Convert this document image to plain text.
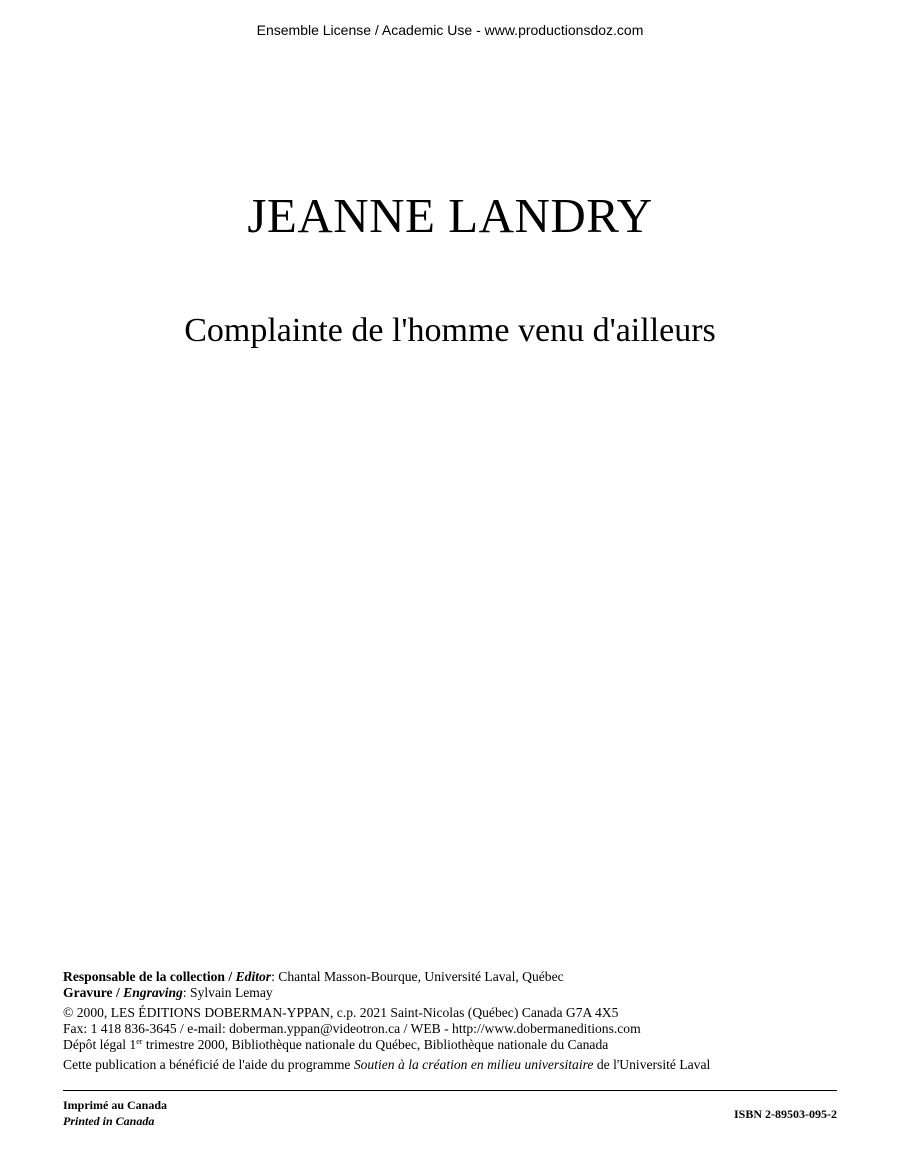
Ensemble License / Academic Use - www.productionsdoz.com
JEANNE LANDRY
Complainte de l'homme venu d'ailleurs
Responsable de la collection / Editor: Chantal Masson-Bourque, Université Laval, Québec
Gravure / Engraving: Sylvain Lemay
© 2000, LES ÉDITIONS DOBERMAN-YPPAN, c.p. 2021 Saint-Nicolas (Québec) Canada G7A 4X5
Fax: 1 418 836-3645 / e-mail: doberman.yppan@videotron.ca / WEB - http://www.dobermaneditions.com
Dépôt légal 1er trimestre 2000, Bibliothèque nationale du Québec, Bibliothèque nationale du Canada
Cette publication a bénéficié de l'aide du programme Soutien à la création en milieu universitaire de l'Université Laval
Imprimé au Canada
Printed in Canada	ISBN 2-89503-095-2
